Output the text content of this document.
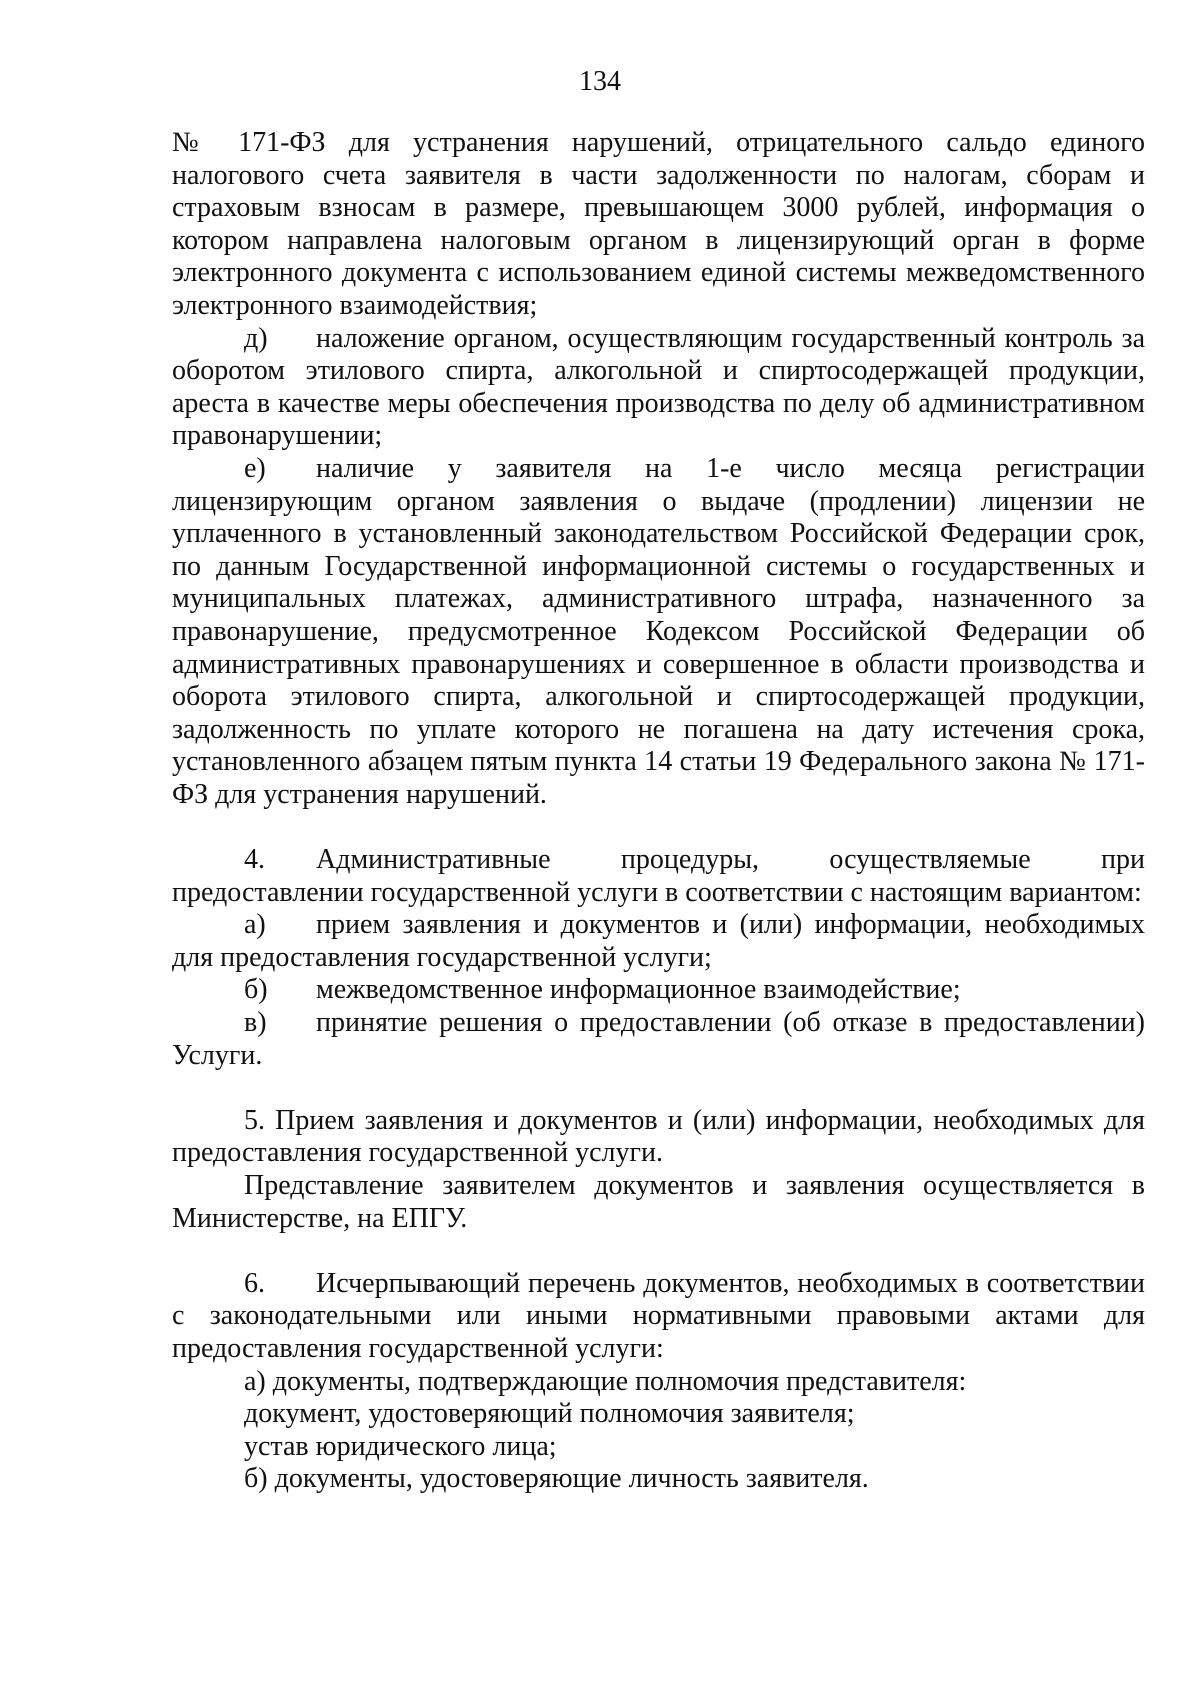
134

№ 171-ФЗ для устранения нарушений, отрицательного сальдо единого налогового счета заявителя в части задолженности по налогам, сборам и страховым взносам в размере, превышающем 3000 рублей, информация о котором направлена налоговым органом в лицензирующий орган в форме электронного документа с использованием единой системы межведомственного электронного взаимодействия;

д) наложение органом, осуществляющим государственный контроль за оборотом этилового спирта, алкогольной и спиртосодержащей продукции, ареста в качестве меры обеспечения производства по делу об административном правонарушении;

е) наличие у заявителя на 1-е число месяца регистрации лицензирующим органом заявления о выдаче (продлении) лицензии не уплаченного в установленный законодательством Российской Федерации срок, по данным Государственной информационной системы о государственных и муниципальных платежах, административного штрафа, назначенного за правонарушение, предусмотренное Кодексом Российской Федерации об административных правонарушениях и совершенное в области производства и оборота этилового спирта, алкогольной и спиртосодержащей продукции, задолженность по уплате которого не погашена на дату истечения срока, установленного абзацем пятым пункта 14 статьи 19 Федерального закона № 171-ФЗ для устранения нарушений.

4. Административные процедуры, осуществляемые при предоставлении государственной услуги в соответствии с настоящим вариантом:

а) прием заявления и документов и (или) информации, необходимых для предоставления государственной услуги;

б) межведомственное информационное взаимодействие;

в) принятие решения о предоставлении (об отказе в предоставлении) Услуги.

5. Прием заявления и документов и (или) информации, необходимых для предоставления государственной услуги.

Представление заявителем документов и заявления осуществляется в Министерстве, на ЕПГУ.

6. Исчерпывающий перечень документов, необходимых в соответствии с законодательными или иными нормативными правовыми актами для предоставления государственной услуги:

а) документы, подтверждающие полномочия представителя:

документ, удостоверяющий полномочия заявителя;

устав юридического лица;

б) документы, удостоверяющие личность заявителя.
